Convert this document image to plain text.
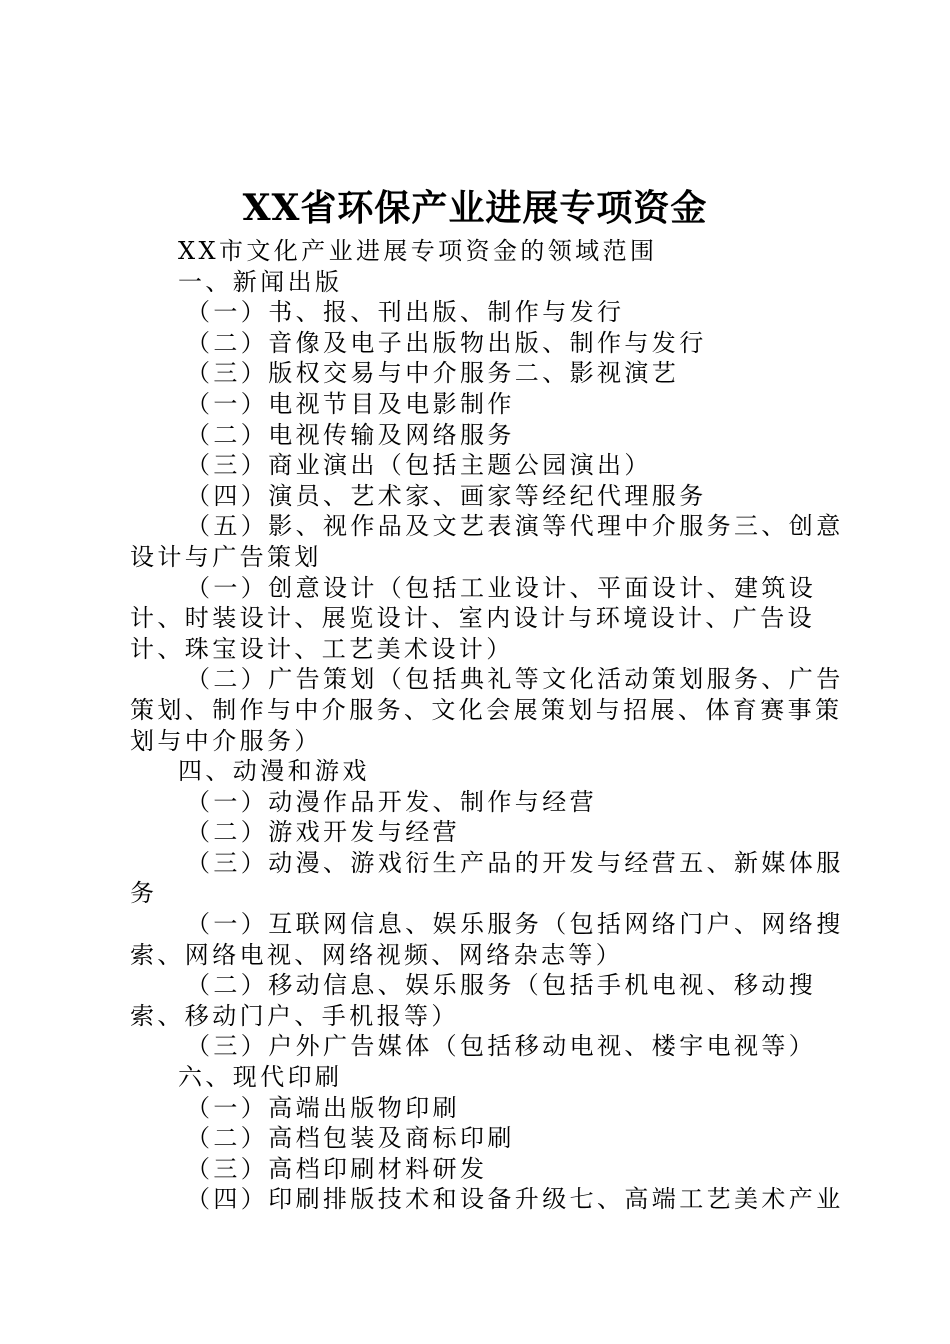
XX省环保产业进展专项资金

XX市文化产业进展专项资金的领域范围

一、新闻出版

（一）书、报、刊出版、制作与发行

（二）音像及电子出版物出版、制作与发行

（三）版权交易与中介服务二、影视演艺

（一）电视节目及电影制作

（二）电视传输及网络服务

（三）商业演出（包括主题公园演出）

（四）演员、艺术家、画家等经纪代理服务

（五）影、视作品及文艺表演等代理中介服务三、创意设计与广告策划

（一）创意设计（包括工业设计、平面设计、建筑设计、时装设计、展览设计、室内设计与环境设计、广告设计、珠宝设计、工艺美术设计）

（二）广告策划（包括典礼等文化活动策划服务、广告策划、制作与中介服务、文化会展策划与招展、体育赛事策划与中介服务）

四、动漫和游戏

（一）动漫作品开发、制作与经营

（二）游戏开发与经营

（三）动漫、游戏衍生产品的开发与经营五、新媒体服务

（一）互联网信息、娱乐服务（包括网络门户、网络搜索、网络电视、网络视频、网络杂志等）

（二）移动信息、娱乐服务（包括手机电视、移动搜索、移动门户、手机报等）

（三）户外广告媒体（包括移动电视、楼宇电视等）

六、现代印刷

（一）高端出版物印刷

（二）高档包装及商标印刷

（三）高档印刷材料研发

（四）印刷排版技术和设备升级七、高端工艺美术产业
